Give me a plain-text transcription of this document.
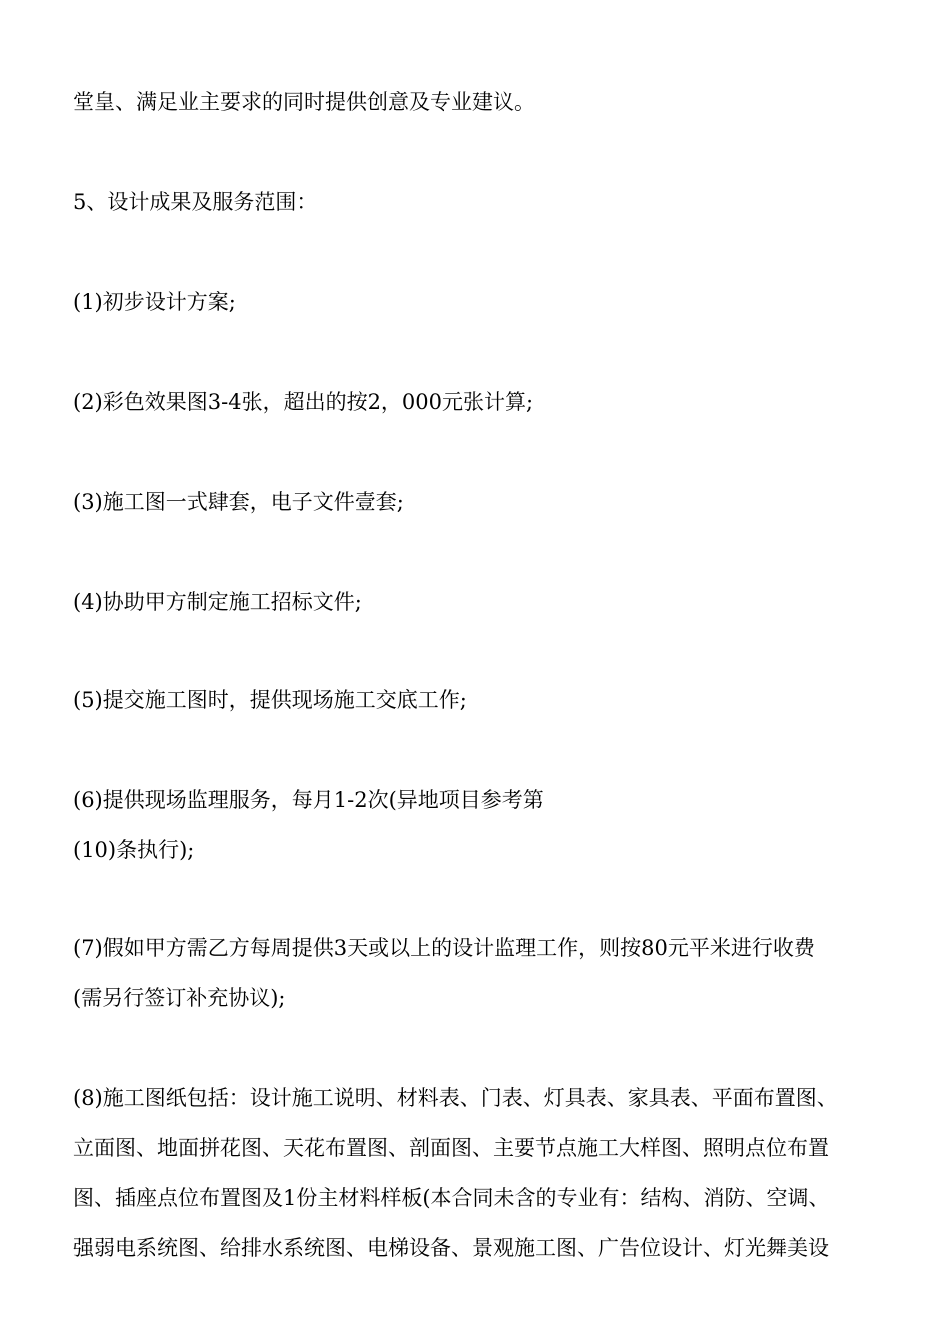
堂皇、满足业主要求的同时提供创意及专业建议。
5、设计成果及服务范围：
(1)初步设计方案;
(2)彩色效果图3-4张，超出的按2，000元张计算;
(3)施工图一式肆套，电子文件壹套;
(4)协助甲方制定施工招标文件;
(5)提交施工图时，提供现场施工交底工作;
(6)提供现场监理服务，每月1-2次(异地项目参考第
(10)条执行);
(7)假如甲方需乙方每周提供3天或以上的设计监理工作，则按80元平米进行收费
(需另行签订补充协议);
(8)施工图纸包括：设计施工说明、材料表、门表、灯具表、家具表、平面布置图、
立面图、地面拼花图、天花布置图、剖面图、主要节点施工大样图、照明点位布置
图、插座点位布置图及1份主材料样板(本合同未含的专业有：结构、消防、空调、
强弱电系统图、给排水系统图、电梯设备、景观施工图、广告位设计、灯光舞美设
